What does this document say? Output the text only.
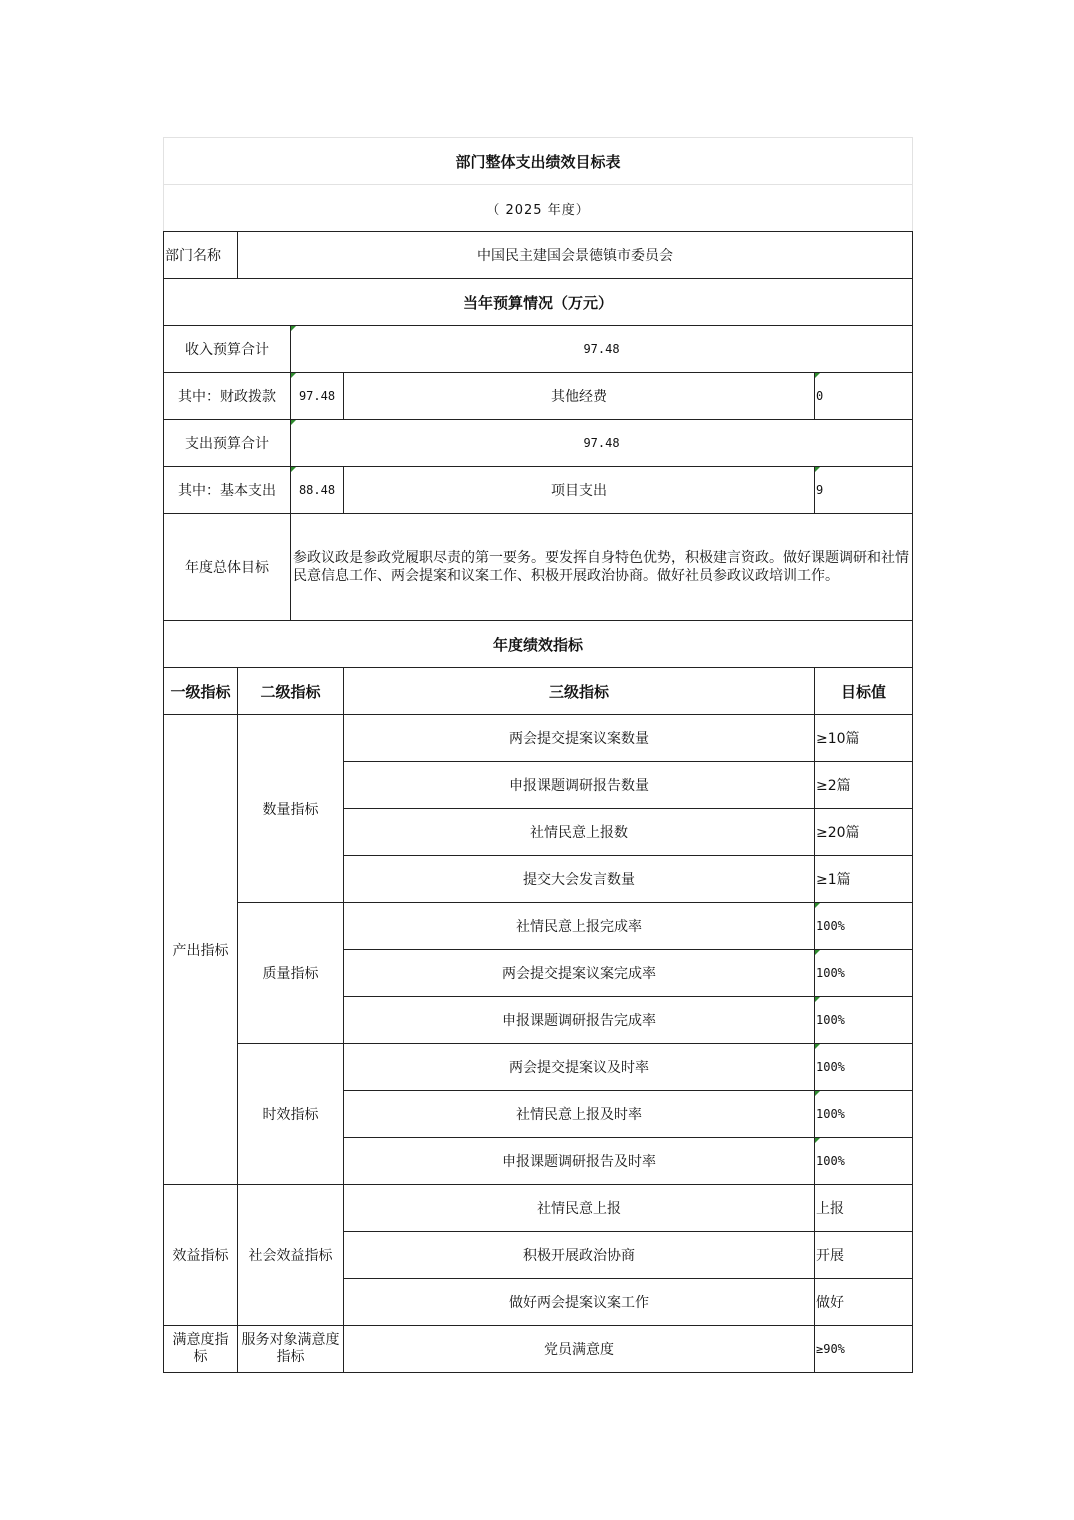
部门整体支出绩效目标表				
（ 2025 年度）				
部门名称	中国民主建国会景德镇市委员会			
当年预算情况（万元）				
收入预算合计		97.48		
其中：财政拨款		97.48	其他经费	0
支出预算合计		97.48		
其中：基本支出		88.48	项目支出	9
年度总体目标		参政议政是参政党履职尽责的第一要务。要发挥自身特色优势，积极建言资政。做好课题调研和社情民意信息工作、两会提案和议案工作、积极开展政治协商。做好社员参政议政培训工作。		
年度绩效指标				
一级指标	二级指标		三级指标	目标值
产出指标	数量指标		两会提交提案议案数量	≥10篇
			申报课题调研报告数量	≥2篇
			社情民意上报数	≥20篇
			提交大会发言数量	≥1篇
	质量指标		社情民意上报完成率	100%
			两会提交提案议案完成率	100%
			申报课题调研报告完成率	100%
	时效指标		两会提交提案议及时率	100%
			社情民意上报及时率	100%
			申报课题调研报告及时率	100%
效益指标	社会效益指标		社情民意上报	上报
			积极开展政治协商	开展
			做好两会提案议案工作	做好
满意度指标	服务对象满意度指标		党员满意度	≥90%
